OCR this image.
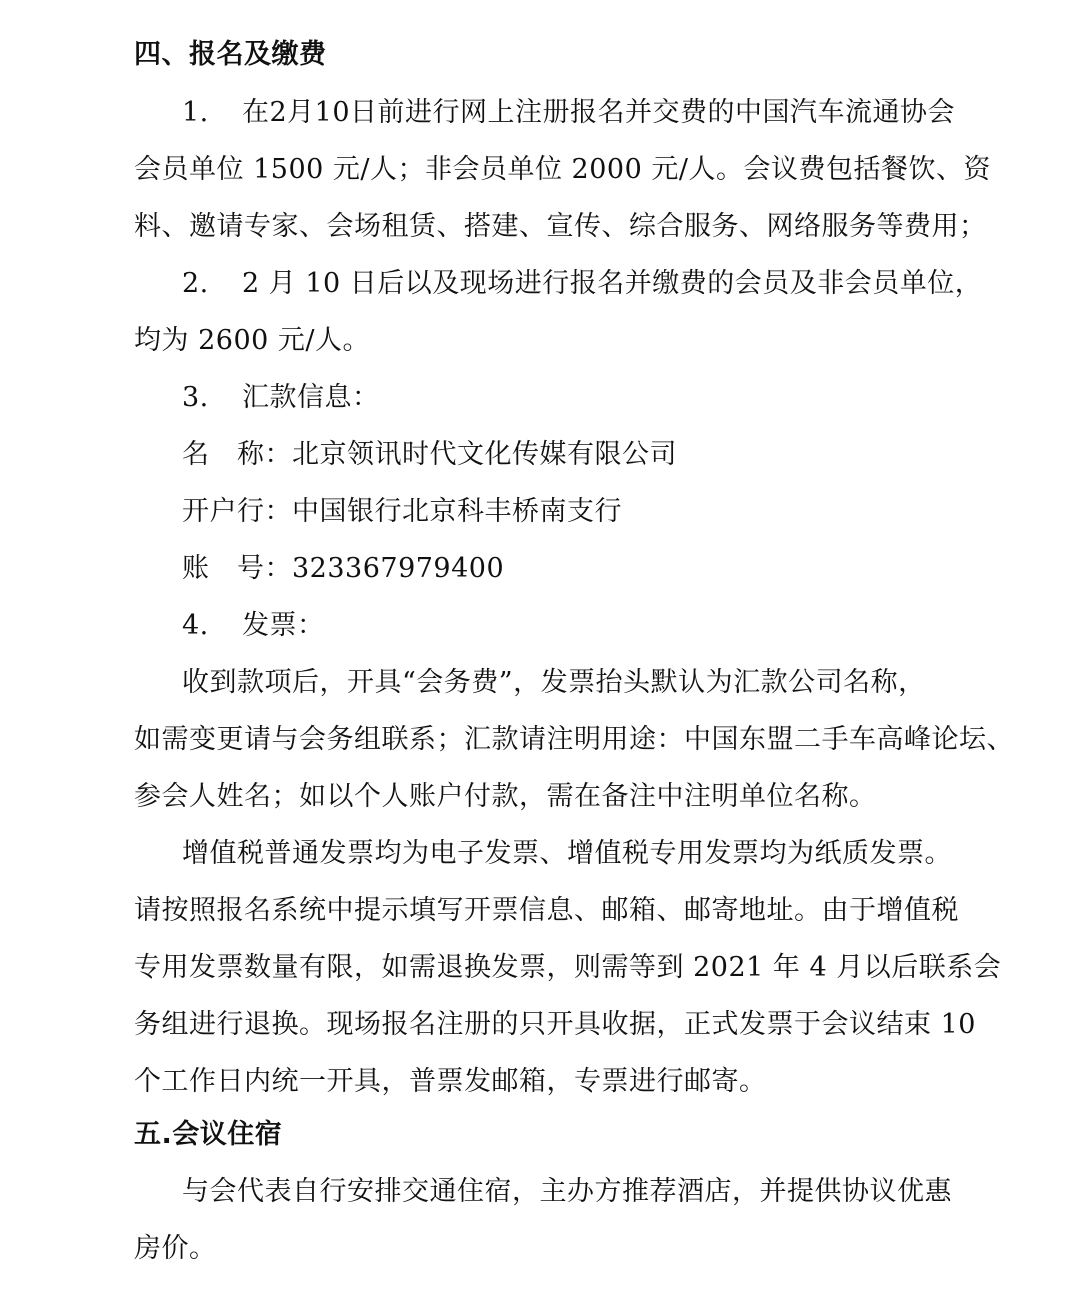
四、报名及缴费
1. 在2月10日前进行网上注册报名并交费的中国汽车流通协会
会员单位 1500 元/人；非会员单位 2000 元/人。会议费包括餐饮、资
料、邀请专家、会场租赁、搭建、宣传、综合服务、网络服务等费用；
2. 2 月 10 日后以及现场进行报名并缴费的会员及非会员单位，
均为 2600 元/人。
3. 汇款信息：
名　称：北京领讯时代文化传媒有限公司
开户行：中国银行北京科丰桥南支行
账　号：323367979400
4. 发票：
收到款项后，开具“会务费”，发票抬头默认为汇款公司名称，
如需变更请与会务组联系；汇款请注明用途：中国东盟二手车高峰论坛、
参会人姓名；如以个人账户付款，需在备注中注明单位名称。
增值税普通发票均为电子发票、增值税专用发票均为纸质发票。
请按照报名系统中提示填写开票信息、邮箱、邮寄地址。由于增值税
专用发票数量有限，如需退换发票，则需等到 2021 年 4 月以后联系会
务组进行退换。现场报名注册的只开具收据，正式发票于会议结束 10
个工作日内统一开具，普票发邮箱，专票进行邮寄。
五.会议住宿
与会代表自行安排交通住宿，主办方推荐酒店，并提供协议优惠
房价。
